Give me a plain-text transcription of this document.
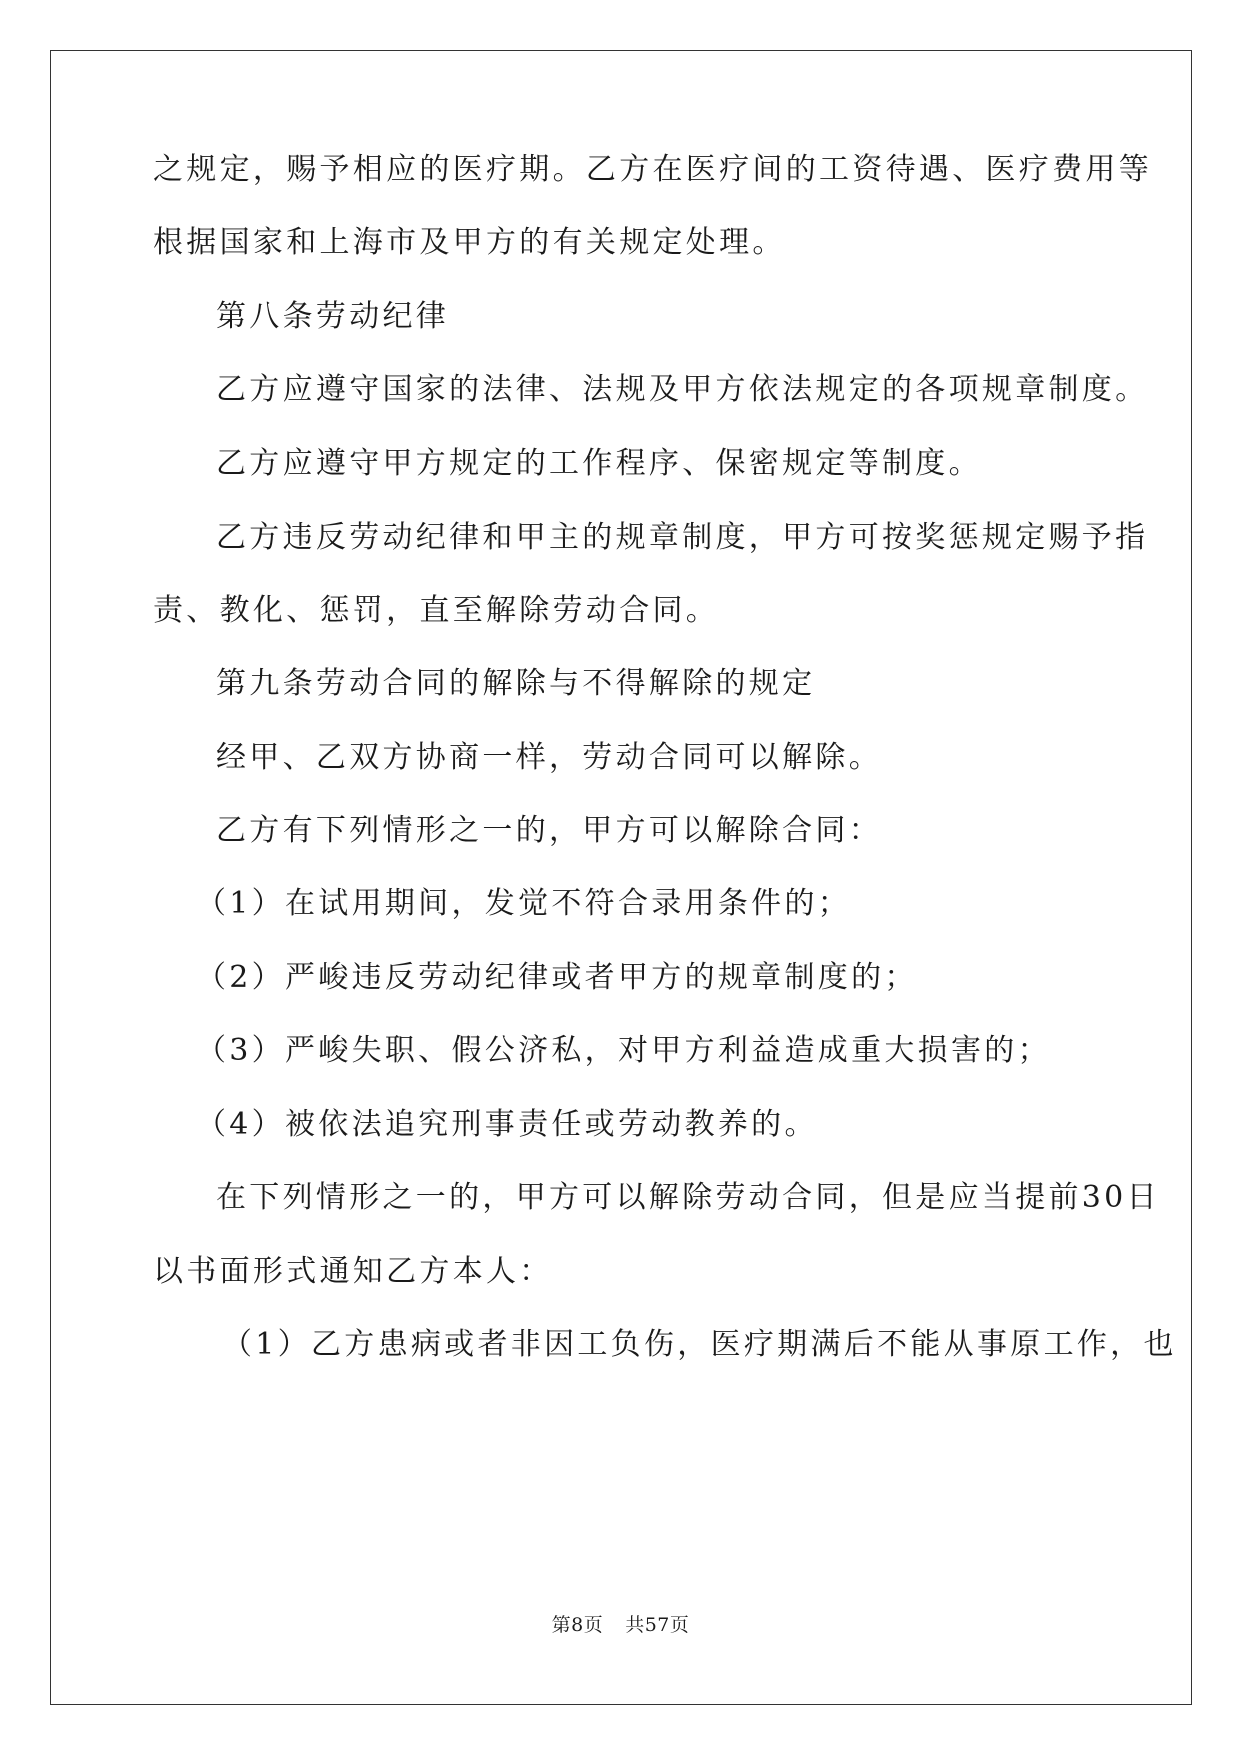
之规定，赐予相应的医疗期。乙方在医疗间的工资待遇、医疗费用等
根据国家和上海市及甲方的有关规定处理。
第八条劳动纪律
乙方应遵守国家的法律、法规及甲方依法规定的各项规章制度。
乙方应遵守甲方规定的工作程序、保密规定等制度。
乙方违反劳动纪律和甲主的规章制度，甲方可按奖惩规定赐予指
责、教化、惩罚，直至解除劳动合同。
第九条劳动合同的解除与不得解除的规定
经甲、乙双方协商一样，劳动合同可以解除。
乙方有下列情形之一的，甲方可以解除合同：
（1）在试用期间，发觉不符合录用条件的；
（2）严峻违反劳动纪律或者甲方的规章制度的；
（3）严峻失职、假公济私，对甲方利益造成重大损害的；
（4）被依法追究刑事责任或劳动教养的。
在下列情形之一的，甲方可以解除劳动合同，但是应当提前30日
以书面形式通知乙方本人：
（1）乙方患病或者非因工负伤，医疗期满后不能从事原工作，也
第8页 共57页
